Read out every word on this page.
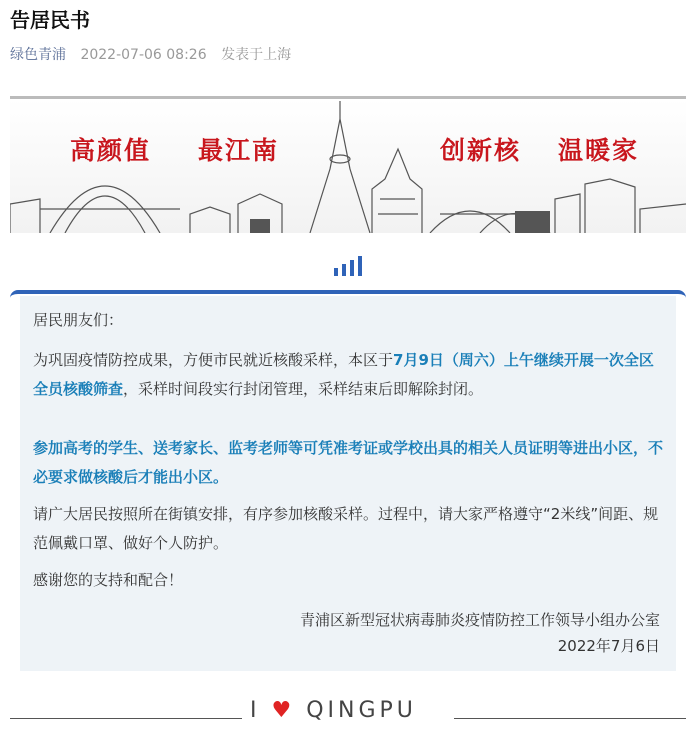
告居民书
绿色青浦 2022-07-06 08:26 发表于上海
高颜值 最江南	创新核 温暖家
居民朋友们：
为巩固疫情防控成果，方便市民就近核酸采样，本区于7月9日（周六）上午继续开展一次全区全员核酸筛查，采样时间段实行封闭管理，采样结束后即解除封闭。
参加高考的学生、送考家长、监考老师等可凭准考证或学校出具的相关人员证明等进出小区，不必要求做核酸后才能出小区。
请广大居民按照所在街镇安排，有序参加核酸采样。过程中，请大家严格遵守“2米线”间距、规范佩戴口罩、做好个人防护。
感谢您的支持和配合！
青浦区新型冠状病毒肺炎疫情防控工作领导小组办公室
2022年7月6日
I ♥ QINGPU
